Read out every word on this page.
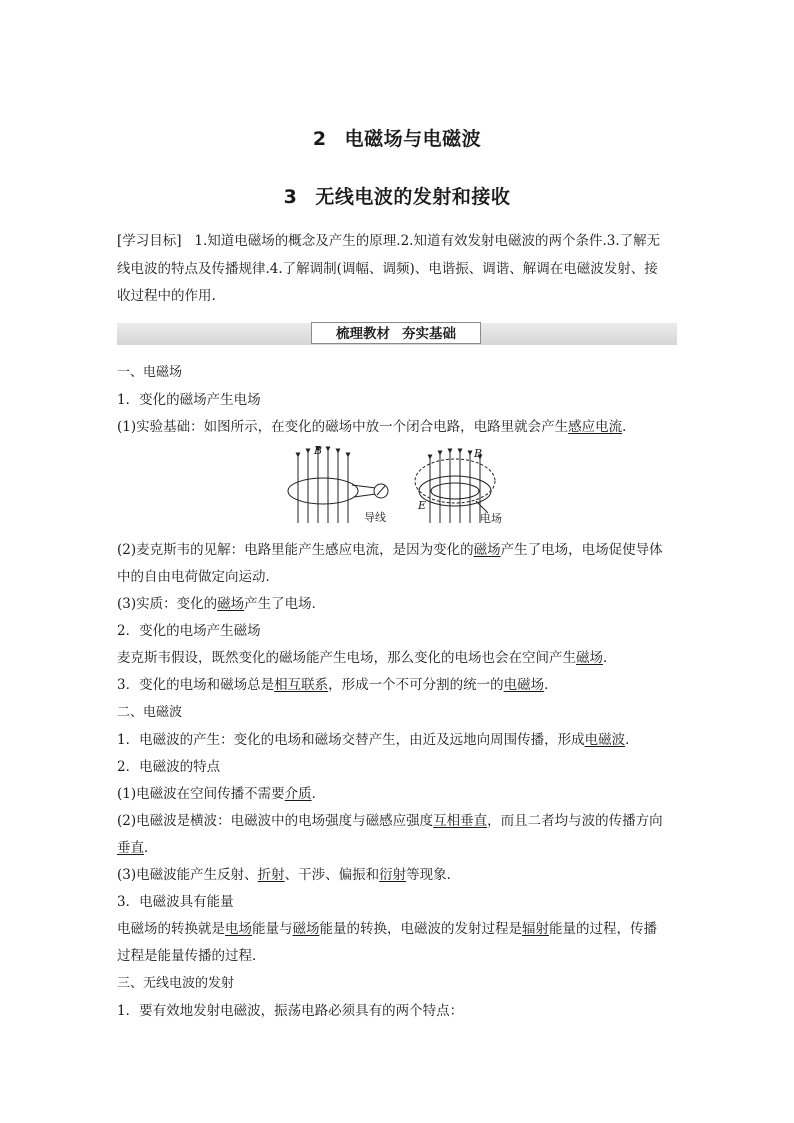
2 电磁场与电磁波
3 无线电波的发射和接收
[学习目标] 1.知道电磁场的概念及产生的原理.2.知道有效发射电磁波的两个条件.3.了解无
线电波的特点及传播规律.4.了解调制(调幅、调频)、电谐振、调谐、解调在电磁波发射、接
收过程中的作用.
梳理教材 夯实基础
一、电磁场
1．变化的磁场产生电场
(1)实验基础：如图所示，在变化的磁场中放一个闭合电路，电路里就会产生感应电流．
B
导线
B
E
电场
(2)麦克斯韦的见解：电路里能产生感应电流，是因为变化的磁场产生了电场，电场促使导体
中的自由电荷做定向运动．
(3)实质：变化的磁场产生了电场．
2．变化的电场产生磁场
麦克斯韦假设，既然变化的磁场能产生电场，那么变化的电场也会在空间产生磁场．
3．变化的电场和磁场总是相互联系，形成一个不可分割的统一的电磁场．
二、电磁波
1．电磁波的产生：变化的电场和磁场交替产生，由近及远地向周围传播，形成电磁波．
2．电磁波的特点
(1)电磁波在空间传播不需要介质．
(2)电磁波是横波：电磁波中的电场强度与磁感应强度互相垂直，而且二者均与波的传播方向
垂直．
(3)电磁波能产生反射、折射、干涉、偏振和衍射等现象．
3．电磁波具有能量
电磁场的转换就是电场能量与磁场能量的转换，电磁波的发射过程是辐射能量的过程，传播
过程是能量传播的过程．
三、无线电波的发射
1．要有效地发射电磁波，振荡电路必须具有的两个特点：
